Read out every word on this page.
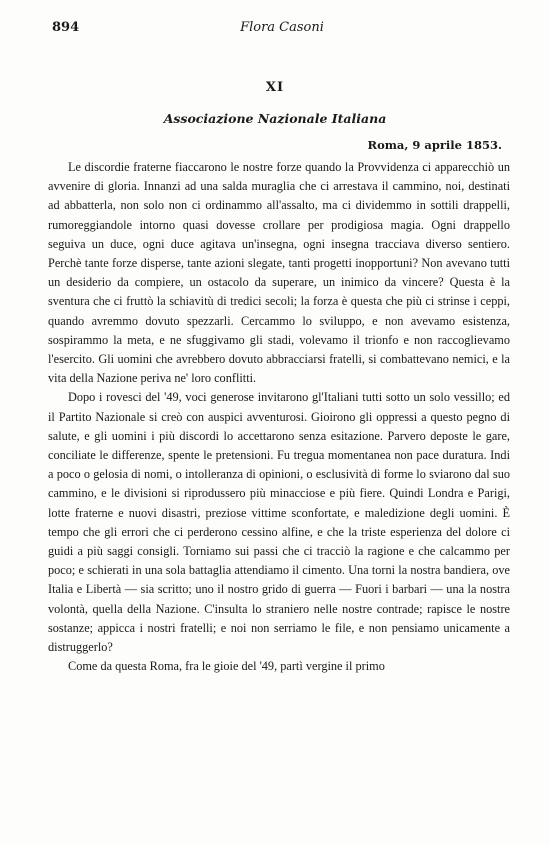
894	Flora Casoni
XI
Associazione Nazionale Italiana
Roma, 9 aprile 1853.

Le discordie fraterne fiaccarono le nostre forze quando la Provvidenza ci apparecchiò un avvenire di gloria. Innanzi ad una salda muraglia che ci arrestava il cammino, noi, destinati ad abbatterla, non solo non ci ordinammo all'assalto, ma ci dividemmo in sottili drappelli, rumoreggiandole intorno quasi dovesse crollare per prodigiosa magia. Ogni drappello seguiva un duce, ogni duce agitava un'insegna, ogni insegna tracciava diverso sentiero. Perchè tante forze disperse, tante azioni slegate, tanti progetti inopportuni? Non avevano tutti un desiderio da compiere, un ostacolo da superare, un inimico da vincere? Questa è la sventura che ci fruttò la schiavitù di tredici secoli; la forza è questa che più ci strinse i ceppi, quando avremmo dovuto spezzarli. Cercammo lo sviluppo, e non avevamo esistenza, sospirammo la meta, e ne sfuggivamo gli stadi, volevamo il trionfo e non raccoglievamo l'esercito. Gli uomini che avrebbero dovuto abbracciarsi fratelli, si combattevano nemici, e la vita della Nazione periva ne' loro conflitti.

Dopo i rovesci del '49, voci generose invitarono gl'Italiani tutti sotto un solo vessillo; ed il Partito Nazionale si creò con auspici avventurosi. Gioirono gli oppressi a questo pegno di salute, e gli uomini i più discordi lo accettarono senza esitazione. Parvero deposte le gare, conciliate le differenze, spente le pretensioni. Fu tregua momentanea non pace duratura. Indi a poco o gelosia di nomi, o intolleranza di opinioni, o esclusività di forme lo sviarono dal suo cammino, e le divisioni si riprodussero più minacciose e più fiere. Quindi Londra e Parigi, lotte fraterne e nuovi disastri, preziose vittime sconfortate, e maledizione degli uomini. È tempo che gli errori che ci perderono cessino alfine, e che la triste esperienza del dolore ci guidi a più saggi consigli. Torniamo sui passi che ci tracciò la ragione e che calcammo per poco; e schierati in una sola battaglia attendiamo il cimento. Una torni la nostra bandiera, ove Italia e Libertà — sia scritto; uno il nostro grido di guerra — Fuori i barbari — una la nostra volontà, quella della Nazione. C'insulta lo straniero nelle nostre contrade; rapisce le nostre sostanze; appicca i nostri fratelli; e noi non serriamo le file, e non pensiamo unicamente a distruggerlo?

Come da questa Roma, fra le gioie del '49, partì vergine il primo
